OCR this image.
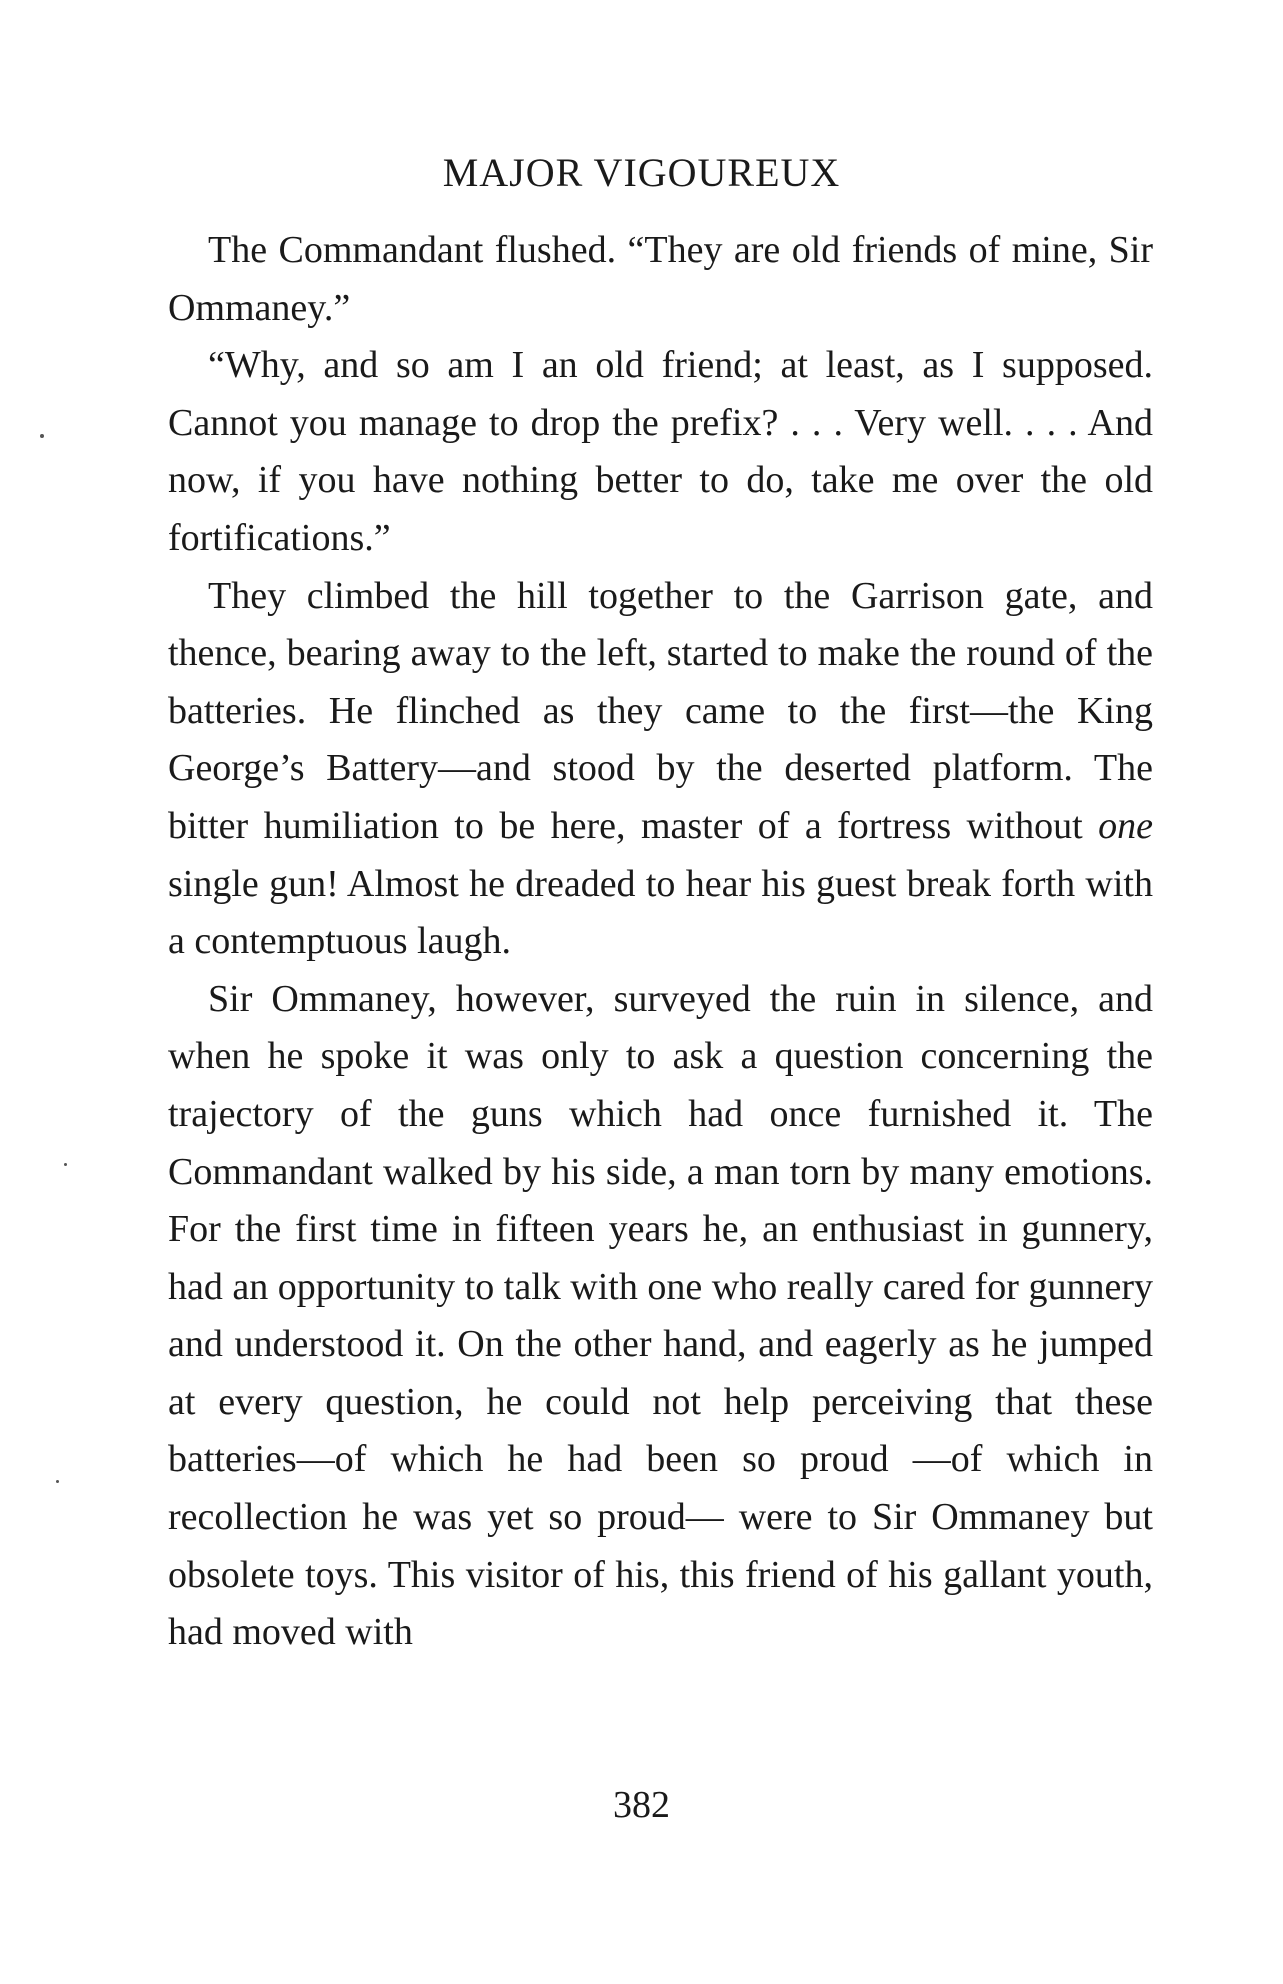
MAJOR VIGOUREUX

The Commandant flushed. “They are old friends of mine, Sir Ommaney.”

“Why, and so am I an old friend; at least, as I supposed. Cannot you manage to drop the prefix? . . . Very well. . . . And now, if you have nothing better to do, take me over the old fortifications.”

They climbed the hill together to the Garrison gate, and thence, bearing away to the left, started to make the round of the batteries. He flinched as they came to the first—the King George’s Battery—and stood by the deserted platform. The bitter humiliation to be here, master of a fortress without one single gun! Almost he dreaded to hear his guest break forth with a contemptuous laugh.

Sir Ommaney, however, surveyed the ruin in silence, and when he spoke it was only to ask a question concerning the trajectory of the guns which had once furnished it. The Commandant walked by his side, a man torn by many emotions. For the first time in fifteen years he, an enthusiast in gunnery, had an opportunity to talk with one who really cared for gunnery and understood it. On the other hand, and eagerly as he jumped at every question, he could not help perceiving that these batteries—of which he had been so proud —of which in recollection he was yet so proud— were to Sir Ommaney but obsolete toys. This visitor of his, this friend of his gallant youth, had moved with

382
